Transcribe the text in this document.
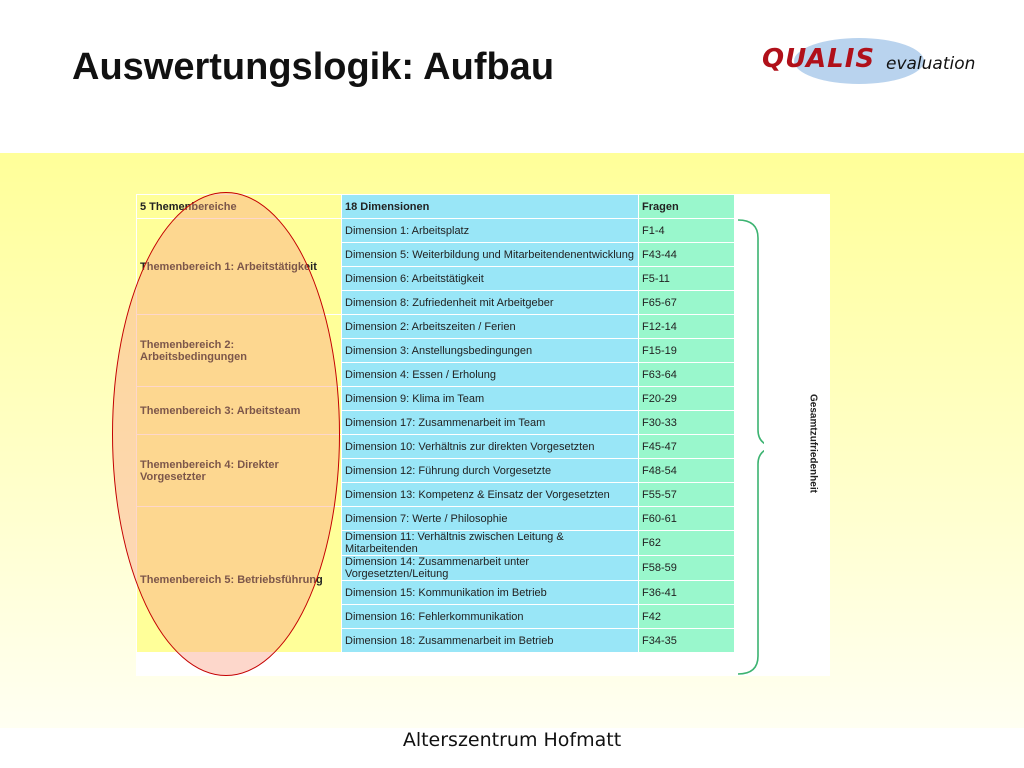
Auswertungslogik: Aufbau	QUALIS evaluation
5 Themenbereiche	18 Dimensionen	Fragen
Themenbereich 1: Arbeitstätigkeit	Dimension 1: Arbeitsplatz	F1-4
	Dimension 5: Weiterbildung und Mitarbeitendenentwicklung	F43-44
	Dimension 6: Arbeitstätigkeit	F5-11
	Dimension 8: Zufriedenheit mit Arbeitgeber	F65-67
Themenbereich 2: Arbeitsbedingungen	Dimension 2: Arbeitszeiten / Ferien	F12-14
	Dimension 3: Anstellungsbedingungen	F15-19
	Dimension 4: Essen / Erholung	F63-64
Themenbereich 3: Arbeitsteam	Dimension 9: Klima im Team	F20-29
	Dimension 17: Zusammenarbeit im Team	F30-33
Themenbereich 4: Direkter Vorgesetzter	Dimension 10: Verhältnis zur direkten Vorgesetzten	F45-47
	Dimension 12: Führung durch Vorgesetzte	F48-54
	Dimension 13: Kompetenz & Einsatz der Vorgesetzten	F55-57
Themenbereich 5: Betriebsführung	Dimension 7: Werte / Philosophie	F60-61
	Dimension 11: Verhältnis zwischen Leitung & Mitarbeitenden	F62
	Dimension 14: Zusammenarbeit unter Vorgesetzten/Leitung	F58-59
	Dimension 15: Kommunikation im Betrieb	F36-41
	Dimension 16: Fehlerkommunikation	F42
	Dimension 18: Zusammenarbeit im Betrieb	F34-35
Gesamtzufriedenheit
Alterszentrum Hofmatt
